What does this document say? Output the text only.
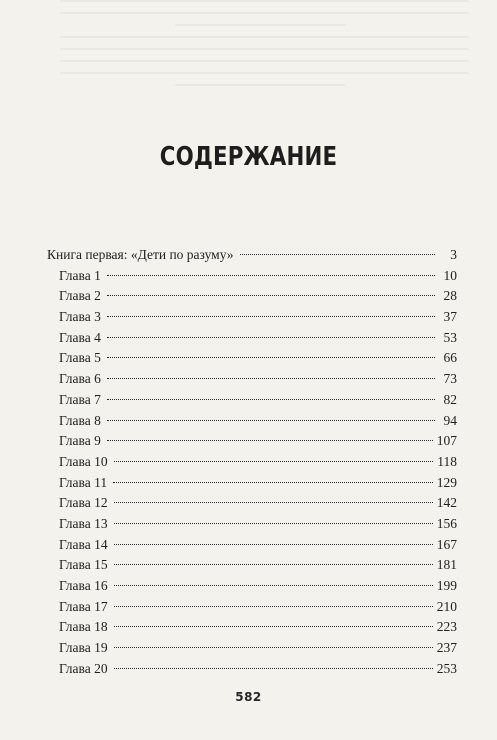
СОДЕРЖАНИЕ
Книга первая: «Дети по разуму»	3
Глава 1	10
Глава 2	28
Глава 3	37
Глава 4	53
Глава 5	66
Глава 6	73
Глава 7	82
Глава 8	94
Глава 9	107
Глава 10	118
Глава 11	129
Глава 12	142
Глава 13	156
Глава 14	167
Глава 15	181
Глава 16	199
Глава 17	210
Глава 18	223
Глава 19	237
Глава 20	253
582
